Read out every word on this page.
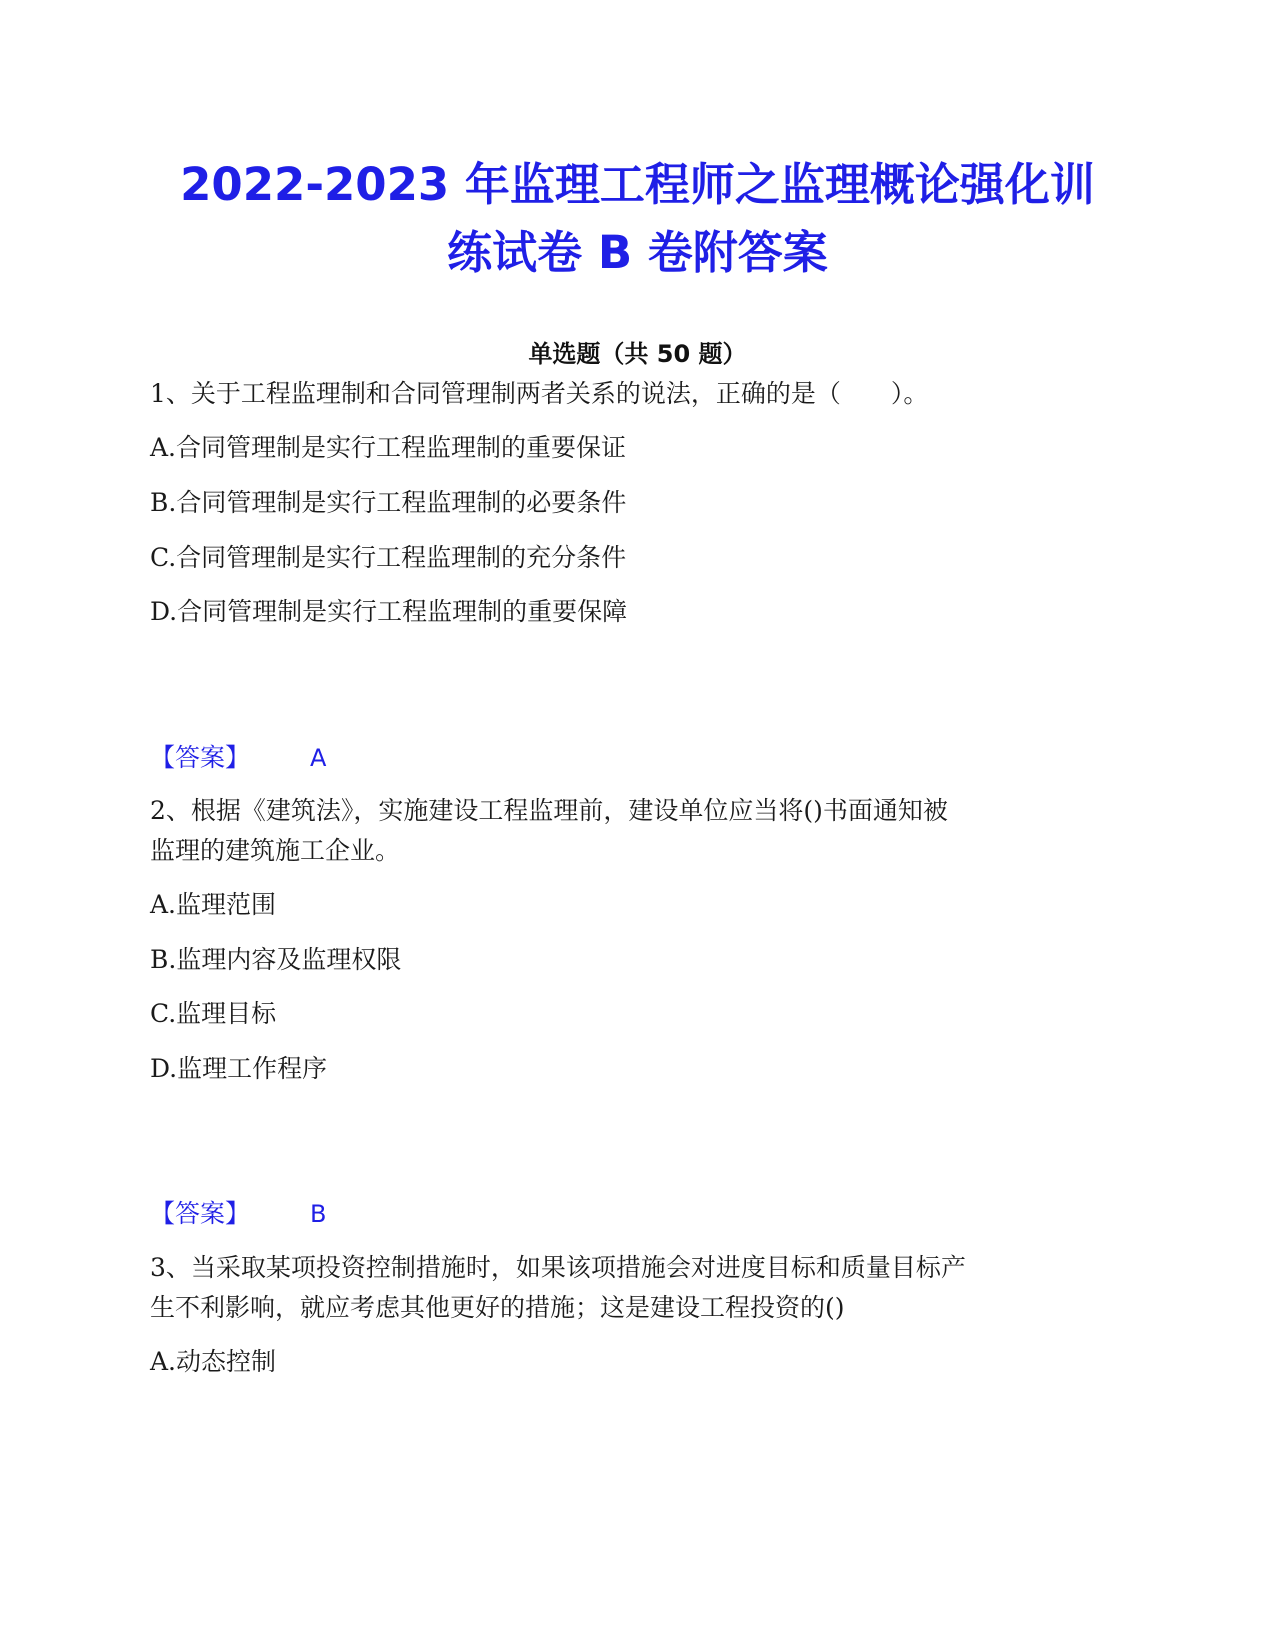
2022-2023 年监理工程师之监理概论强化训
练试卷 B 卷附答案
单选题（共 50 题）
1、关于工程监理制和合同管理制两者关系的说法，正确的是（　　）。
A.合同管理制是实行工程监理制的重要保证
B.合同管理制是实行工程监理制的必要条件
C.合同管理制是实行工程监理制的充分条件
D.合同管理制是实行工程监理制的重要保障
【答案】 A
2、根据《建筑法》，实施建设工程监理前，建设单位应当将()书面通知被
监理的建筑施工企业。
A.监理范围
B.监理内容及监理权限
C.监理目标
D.监理工作程序
【答案】 B
3、当采取某项投资控制措施时，如果该项措施会对进度目标和质量目标产
生不利影响，就应考虑其他更好的措施；这是建设工程投资的()
A.动态控制
